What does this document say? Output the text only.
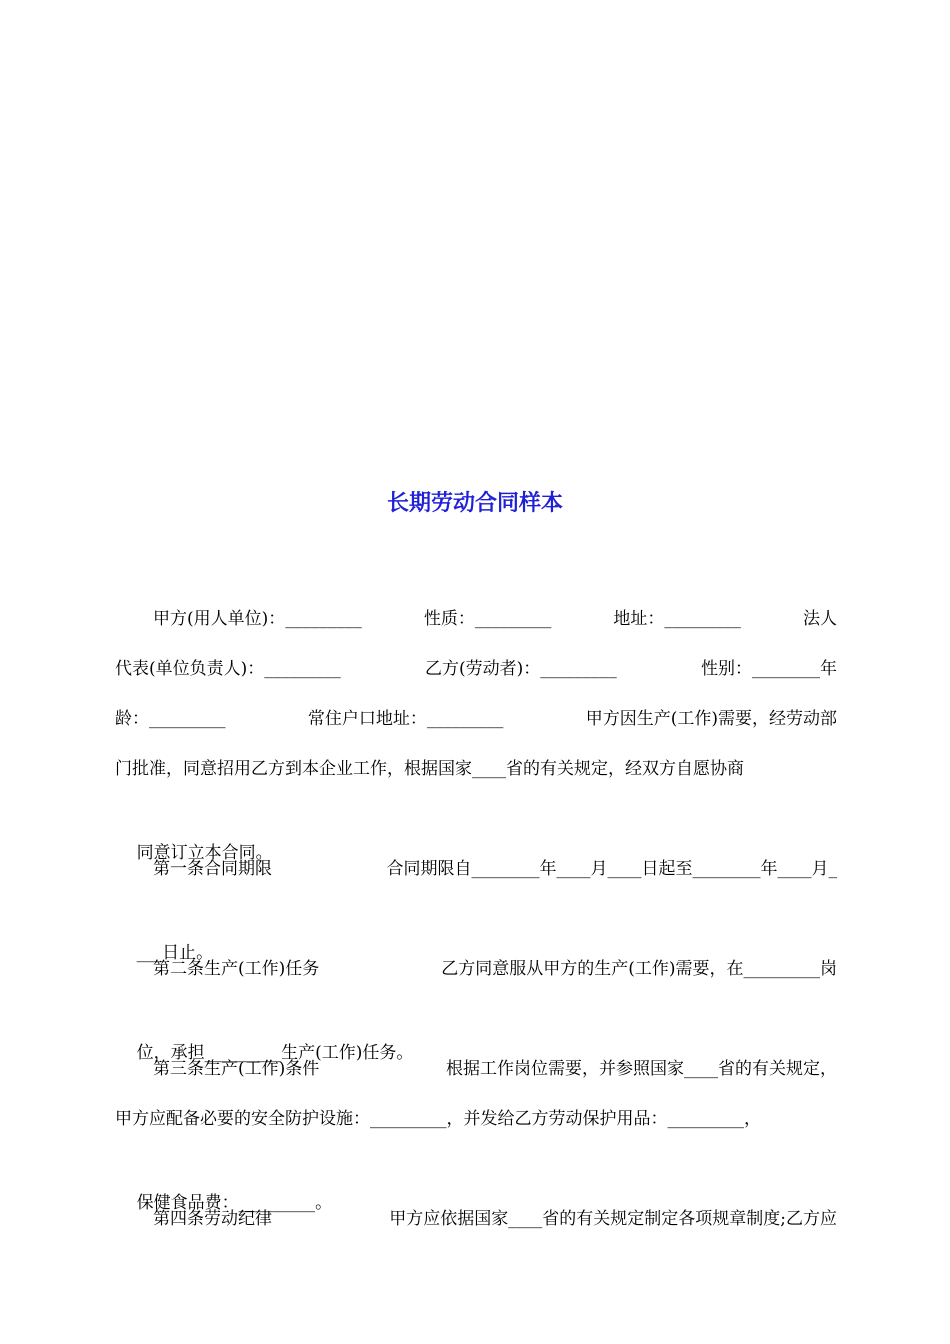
长期劳动合同样本

甲方(用人单位)：_________	性质：_________	地址：_________	法人

代表(单位负责人)：_________	乙方(劳动者)：_________	性别：________年

龄：_________	常住户口地址：_________	甲方因生产(工作)需要，经劳动部

门批准，同意招用乙方到本企业工作，根据国家____省的有关规定，经双方自愿协商

同意订立本合同。

第一条合同期限	合同期限自________年____月____日起至________年____月_

___日止。

第二条生产(工作)任务	乙方同意服从甲方的生产(工作)需要，在_________岗

位，承担_________生产(工作)任务。

第三条生产(工作)条件	根据工作岗位需要，并参照国家____省的有关规定，

甲方应配备必要的安全防护设施：_________，并发给乙方劳动保护用品：_________，

保健食品费：_________。

第四条劳动纪律	甲方应依据国家____省的有关规定制定各项规章制度;乙方应
